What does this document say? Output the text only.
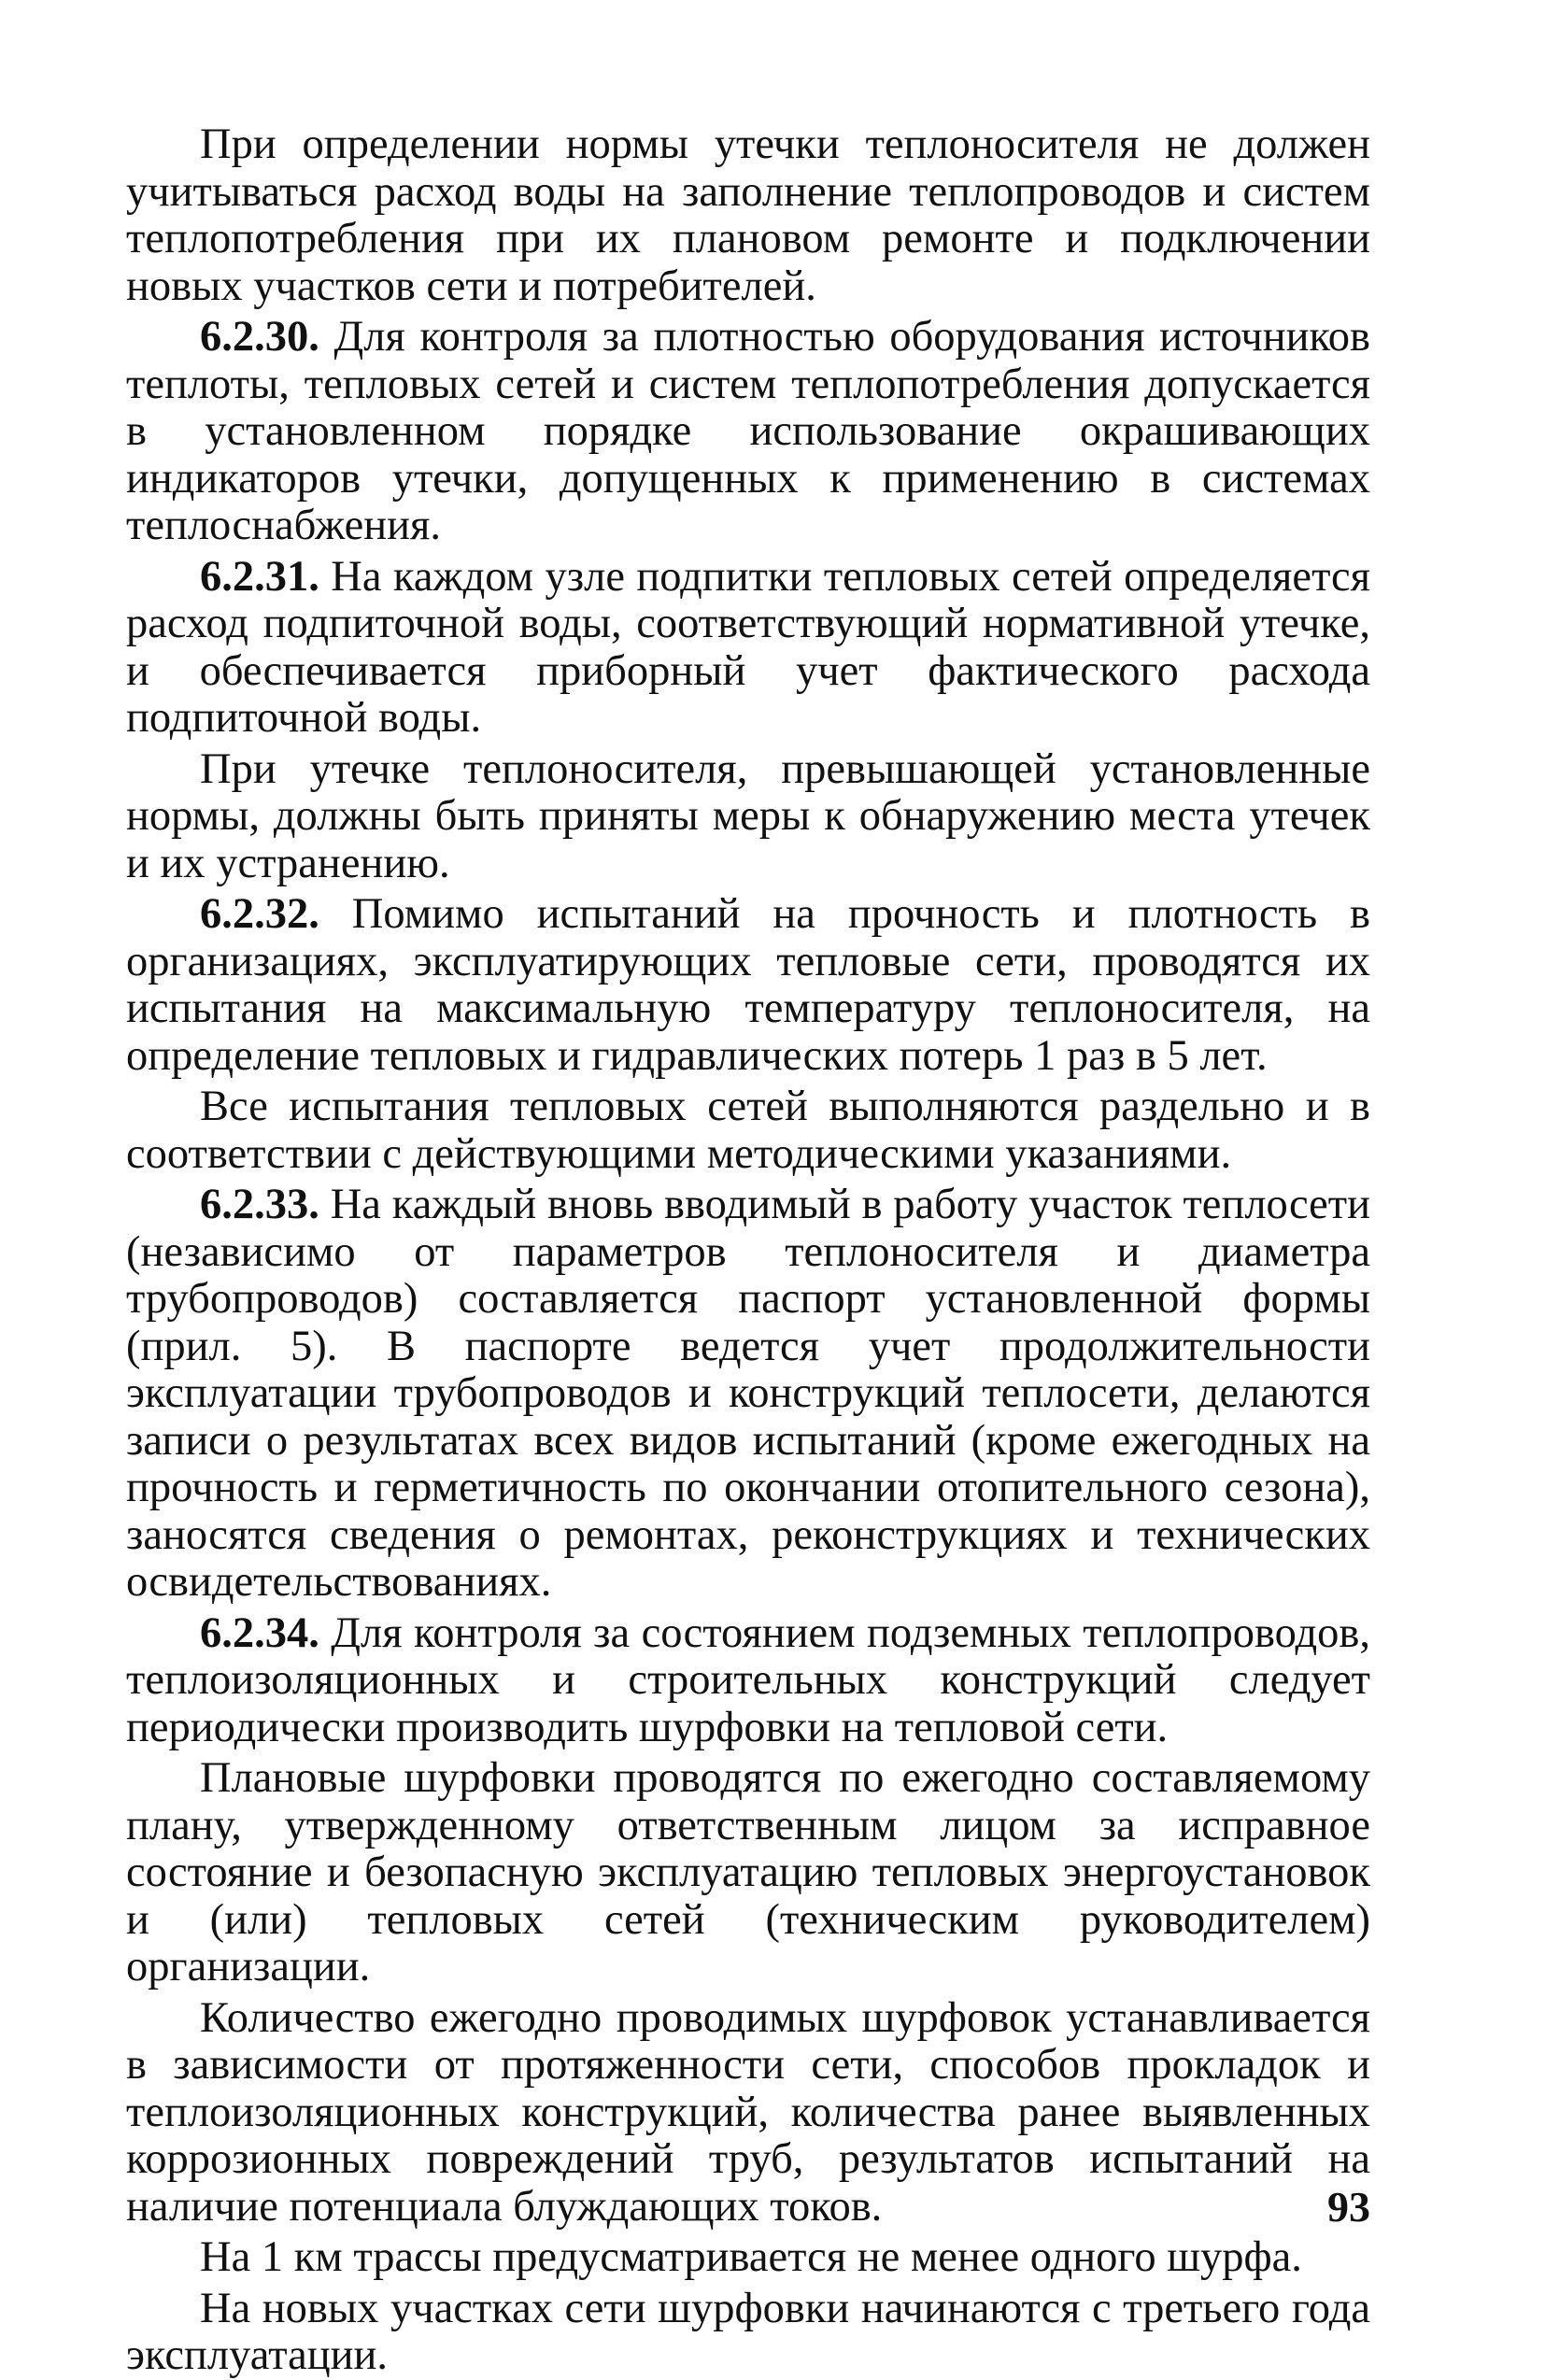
При определении нормы утечки теплоносителя не должен учитываться расход воды на заполнение теплопроводов и систем теплопотребления при их плановом ремонте и подключении новых участков сети и потребителей.

6.2.30. Для контроля за плотностью оборудования источников теплоты, тепловых сетей и систем теплопотребления допускается в установленном порядке использование окрашивающих индикаторов утечки, допущенных к применению в системах теплоснабжения.

6.2.31. На каждом узле подпитки тепловых сетей определяется расход подпиточной воды, соответствующий нормативной утечке, и обеспечивается приборный учет фактического расхода подпиточной воды.

При утечке теплоносителя, превышающей установленные нормы, должны быть приняты меры к обнаружению места утечек и их устранению.

6.2.32. Помимо испытаний на прочность и плотность в организациях, эксплуатирующих тепловые сети, проводятся их испытания на максимальную температуру теплоносителя, на определение тепловых и гидравлических потерь 1 раз в 5 лет.

Все испытания тепловых сетей выполняются раздельно и в соответствии с действующими методическими указаниями.

6.2.33. На каждый вновь вводимый в работу участок теплосети (независимо от параметров теплоносителя и диаметра трубопроводов) составляется паспорт установленной формы (прил. 5). В паспорте ведется учет продолжительности эксплуатации трубопроводов и конструкций теплосети, делаются записи о результатах всех видов испытаний (кроме ежегодных на прочность и герметичность по окончании отопительного сезона), заносятся сведения о ремонтах, реконструкциях и технических освидетельствованиях.

6.2.34. Для контроля за состоянием подземных теплопроводов, теплоизоляционных и строительных конструкций следует периодически производить шурфовки на тепловой сети.

Плановые шурфовки проводятся по ежегодно составляемому плану, утвержденному ответственным лицом за исправное состояние и безопасную эксплуатацию тепловых энергоустановок и (или) тепловых сетей (техническим руководителем) организации.

Количество ежегодно проводимых шурфовок устанавливается в зависимости от протяженности сети, способов прокладок и теплоизоляционных конструкций, количества ранее выявленных коррозионных повреждений труб, результатов испытаний на наличие потенциала блуждающих токов.

На 1 км трассы предусматривается не менее одного шурфа.

На новых участках сети шурфовки начинаются с третьего года эксплуатации.

93
